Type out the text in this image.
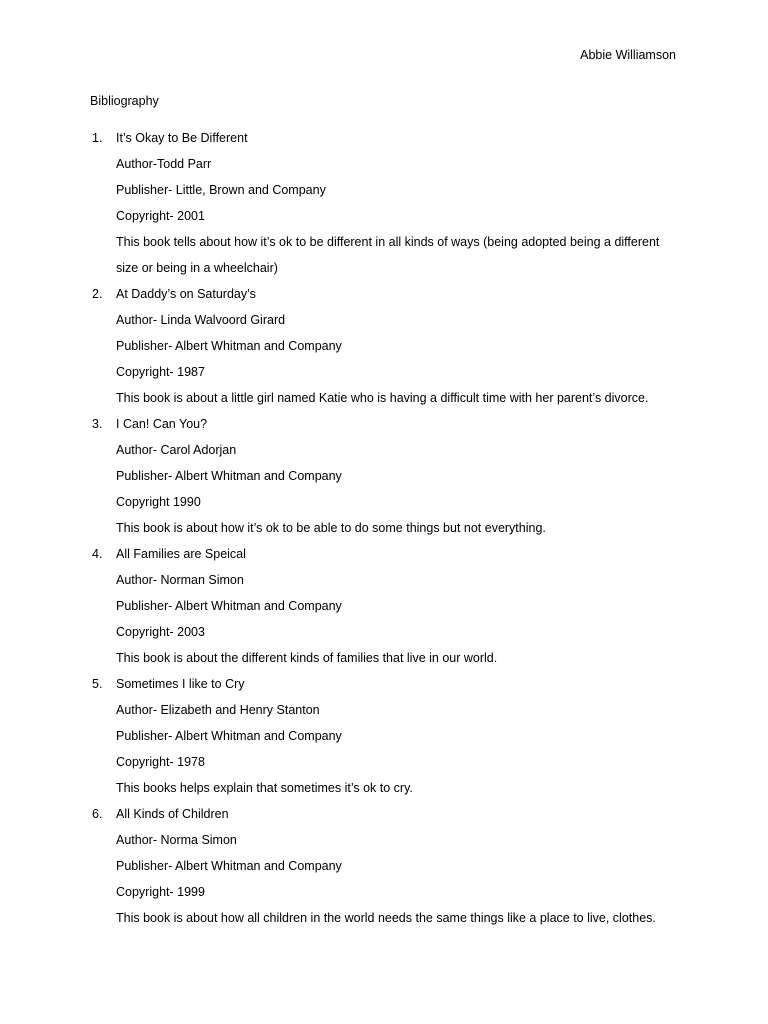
Abbie Williamson
Bibliography
1. It’s Okay to Be Different
Author-Todd Parr
Publisher- Little, Brown and Company
Copyright- 2001
This book tells about how it’s ok to be different in all kinds of ways (being adopted being a different size or being in a wheelchair)
2. At Daddy’s on Saturday’s
Author- Linda Walvoord Girard
Publisher- Albert Whitman and Company
Copyright- 1987
This book is about a little girl named Katie who is having a difficult time with her parent’s divorce.
3. I Can! Can You?
Author- Carol Adorjan
Publisher- Albert Whitman and Company
Copyright 1990
This book is about how it’s ok to be able to do some things but not everything.
4. All Families are Speical
Author- Norman Simon
Publisher- Albert Whitman and Company
Copyright- 2003
This book is about the different kinds of families that live in our world.
5. Sometimes I like to Cry
Author- Elizabeth and Henry Stanton
Publisher- Albert Whitman and Company
Copyright- 1978
This books helps explain that sometimes it’s ok to cry.
6. All Kinds of Children
Author- Norma Simon
Publisher- Albert Whitman and Company
Copyright- 1999
This book is about how all children in the world needs the same things like a place to live, clothes.
